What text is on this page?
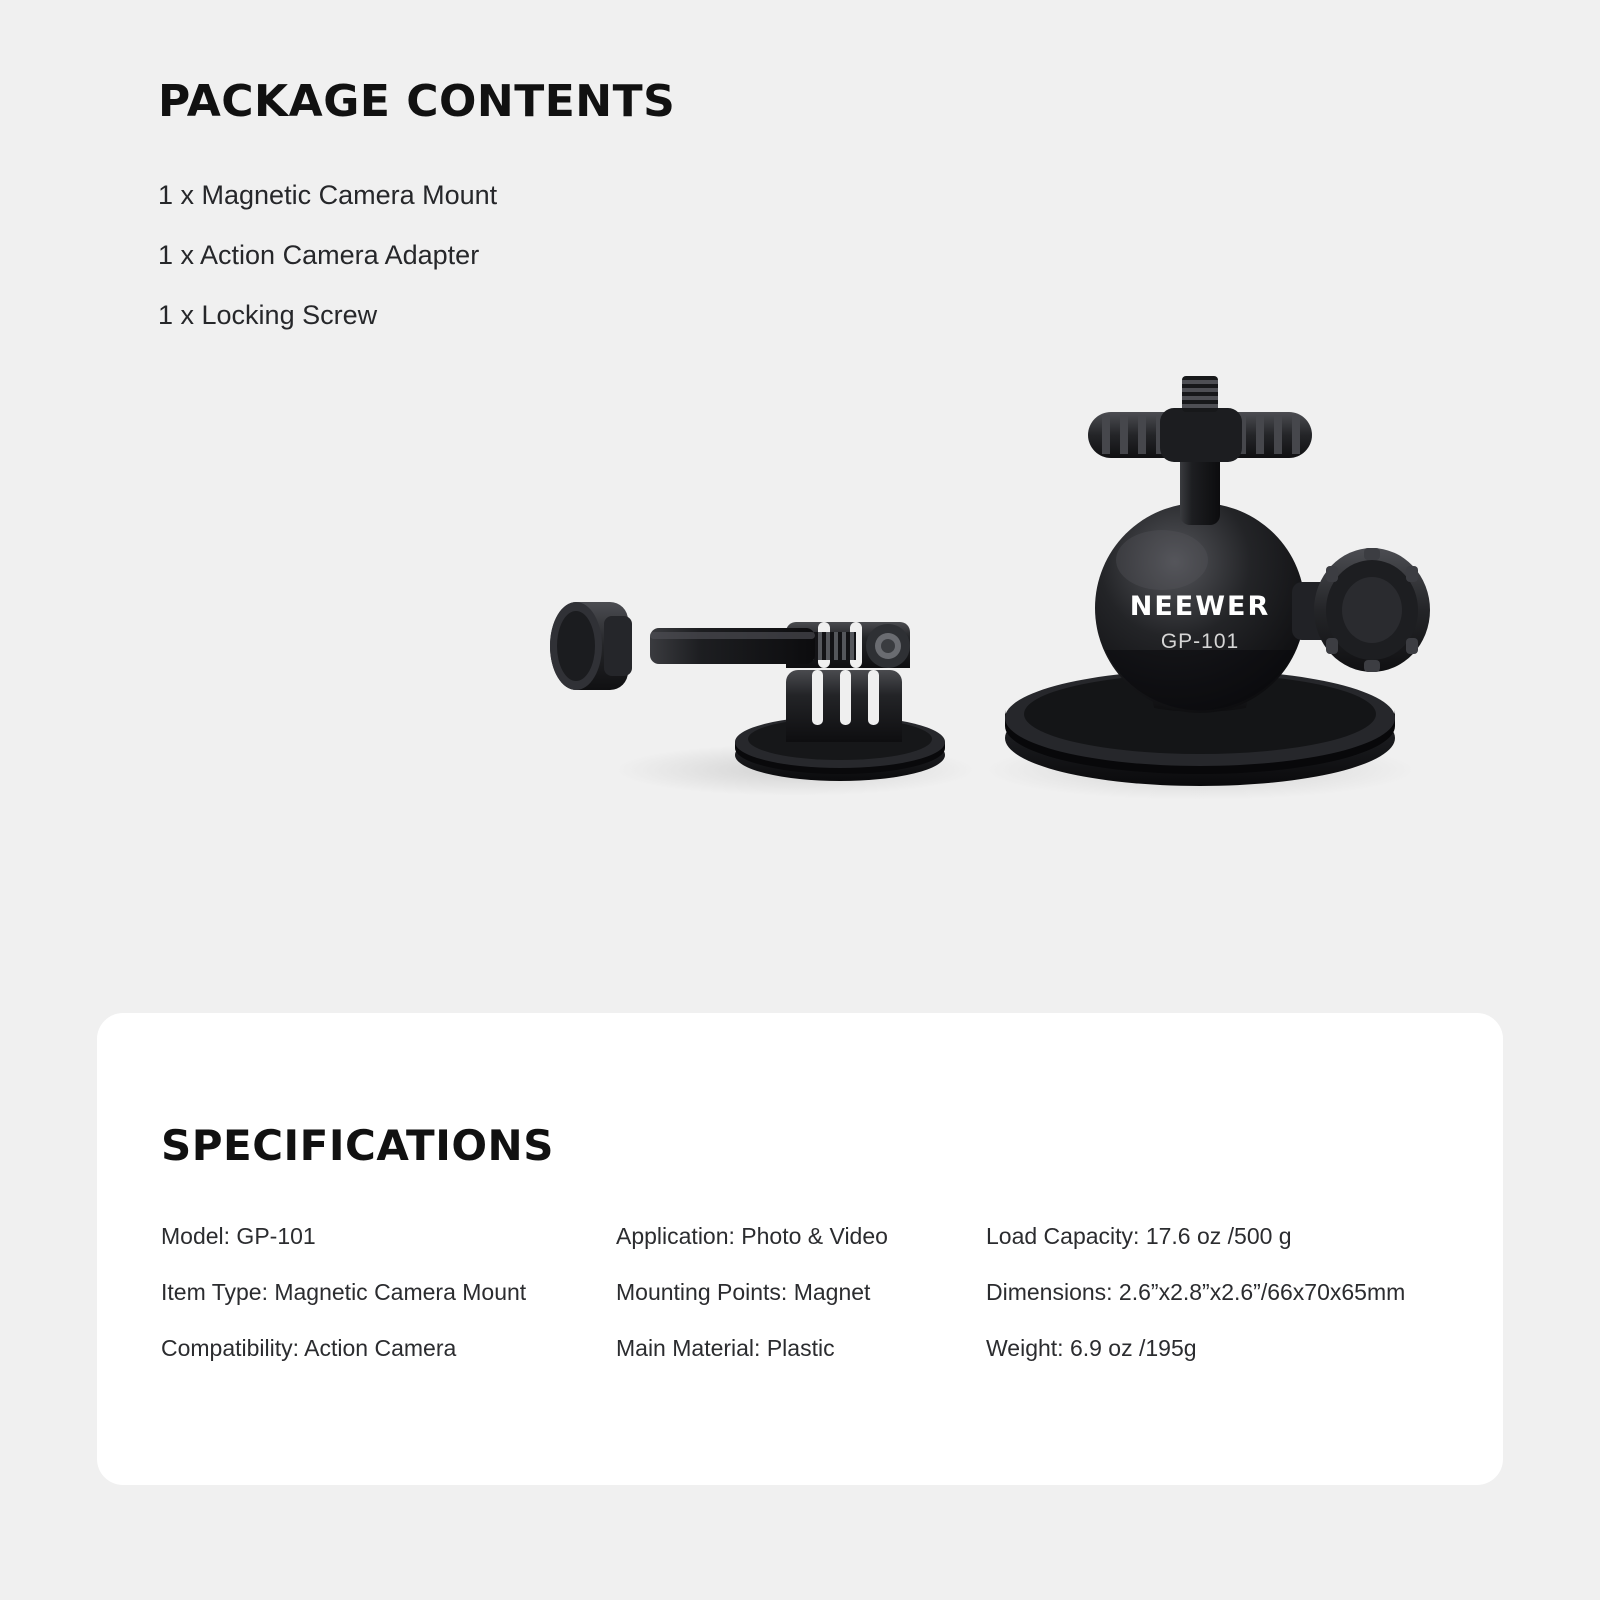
PACKAGE CONTENTS
1 x Magnetic Camera Mount
1 x Action Camera Adapter
1 x Locking Screw
NEEWER
GP-101
SPECIFICATIONS
Model: GP-101
Item Type: Magnetic Camera Mount
Compatibility: Action Camera
Application: Photo & Video
Mounting Points: Magnet
Main Material: Plastic
Load Capacity: 17.6 oz /500 g
Dimensions: 2.6”x2.8”x2.6”/66x70x65mm
Weight: 6.9 oz /195g
